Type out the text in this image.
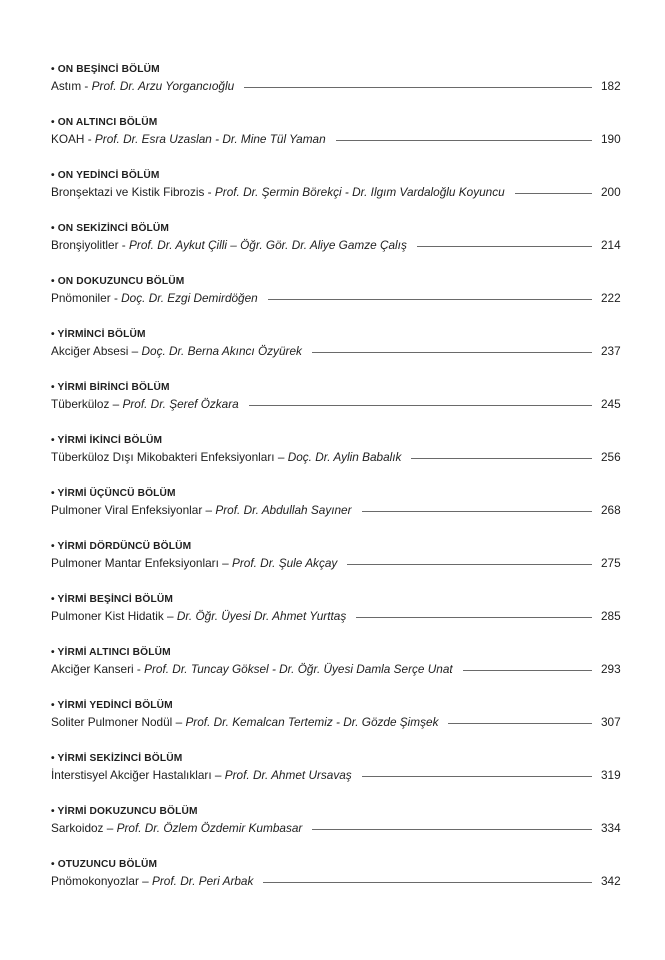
• ON BEŞİNCİ BÖLÜM
Astım - Prof. Dr. Arzu Yorgancıoğlu	182
• ON ALTINCI BÖLÜM
KOAH - Prof. Dr. Esra Uzaslan - Dr. Mine Tül Yaman	190
• ON YEDİNCİ BÖLÜM
Bronşektazi ve Kistik Fibrozis - Prof. Dr. Şermin Börekçi - Dr. Ilgım Vardaloğlu Koyuncu	200
• ON SEKİZİNCİ BÖLÜM
Bronşiyolitler - Prof. Dr. Aykut Çilli – Öğr. Gör. Dr. Aliye Gamze Çalış	214
• ON DOKUZUNCU BÖLÜM
Pnömoniler - Doç. Dr. Ezgi Demirdöğen	222
• YİRMİNCİ BÖLÜM
Akciğer Absesi – Doç. Dr. Berna Akıncı Özyürek	237
• YİRMİ BİRİNCİ BÖLÜM
Tüberküloz – Prof. Dr. Şeref Özkara	245
• YİRMİ İKİNCİ BÖLÜM
Tüberküloz Dışı Mikobakteri Enfeksiyonları – Doç. Dr. Aylin Babalık	256
• YİRMİ ÜÇÜNCÜ BÖLÜM
Pulmoner Viral Enfeksiyonlar – Prof. Dr. Abdullah Sayıner	268
• YİRMİ DÖRDÜNCÜ BÖLÜM
Pulmoner Mantar Enfeksiyonları – Prof. Dr. Şule Akçay	275
• YİRMİ BEŞİNCİ BÖLÜM
Pulmoner Kist Hidatik – Dr. Öğr. Üyesi Dr. Ahmet Yurttaş	285
• YİRMİ ALTINCI BÖLÜM
Akciğer Kanseri - Prof. Dr. Tuncay Göksel - Dr. Öğr. Üyesi Damla Serçe Unat	293
• YİRMİ YEDİNCİ BÖLÜM
Soliter Pulmoner Nodül – Prof. Dr. Kemalcan Tertemiz - Dr. Gözde Şimşek	307
• YİRMİ SEKİZİNCİ BÖLÜM
İnterstisyel Akciğer Hastalıkları – Prof. Dr. Ahmet Ursavaş	319
• YİRMİ DOKUZUNCU BÖLÜM
Sarkoidoz – Prof. Dr. Özlem Özdemir Kumbasar	334
• OTUZUNCU BÖLÜM
Pnömokonyozlar – Prof. Dr. Peri Arbak	342
